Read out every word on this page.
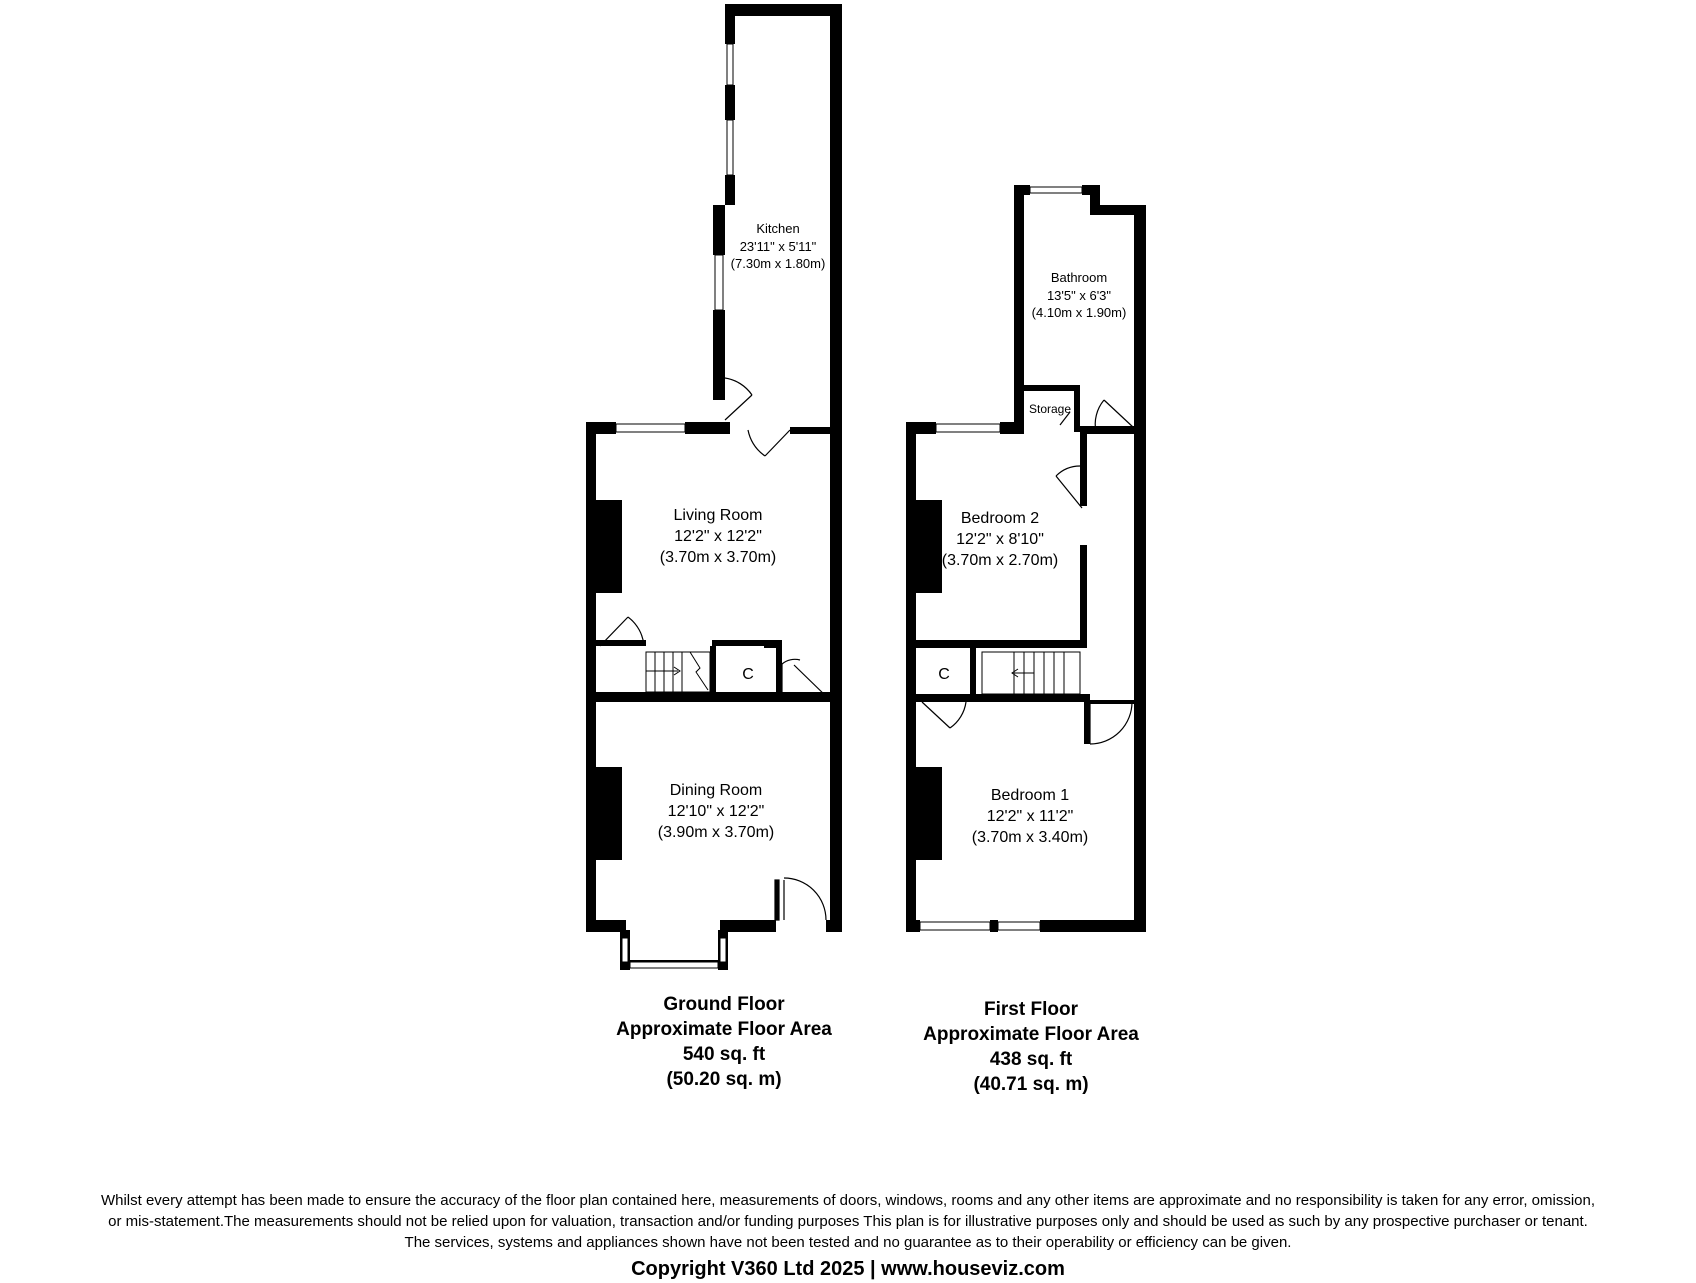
Kitchen
23'11" x 5'11"
(7.30m x 1.80m)
Living Room
12'2" x 12'2"
(3.70m x 3.70m)
C
Dining Room
12'10" x 12'2"
(3.90m x 3.70m)
Storage
C
Bathroom
13'5" x 6'3"
(4.10m x 1.90m)
Bedroom 2
12'2" x 8'10"
(3.70m x 2.70m)
Bedroom 1
12'2" x 11'2"
(3.70m x 3.40m)
Ground Floor
Approximate Floor Area
540 sq. ft
(50.20 sq. m)
First Floor
Approximate Floor Area
438 sq. ft
(40.71 sq. m)
Whilst every attempt has been made to ensure the accuracy of the floor plan contained here, measurements of doors, windows, rooms and any other items are approximate and no responsibility is taken for any error, omission,
or mis-statement.The measurements should not be relied upon for valuation, transaction and/or funding purposes This plan is for illustrative purposes only and should be used as such by any prospective purchaser or tenant.
The services, systems and appliances shown have not been tested and no guarantee as to their operability or efficiency can be given.
Copyright V360 Ltd 2025 | www.houseviz.com
